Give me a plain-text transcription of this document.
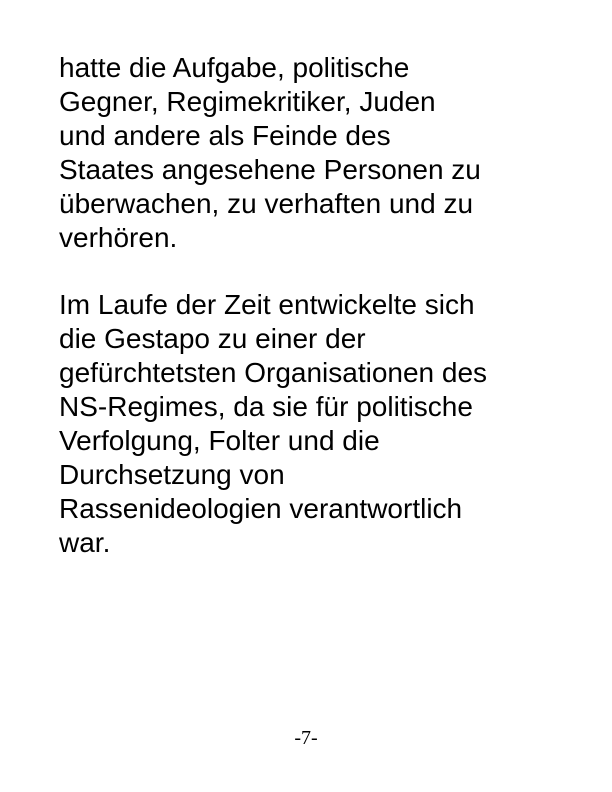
hatte die Aufgabe, politische
Gegner, Regimekritiker, Juden
und andere als Feinde des
Staates angesehene Personen zu
überwachen, zu verhaften und zu
verhören.

Im Laufe der Zeit entwickelte sich
die Gestapo zu einer der
gefürchtetsten Organisationen des
NS-Regimes, da sie für politische
Verfolgung, Folter und die
Durchsetzung von
Rassenideologien verantwortlich
war.

-7-
